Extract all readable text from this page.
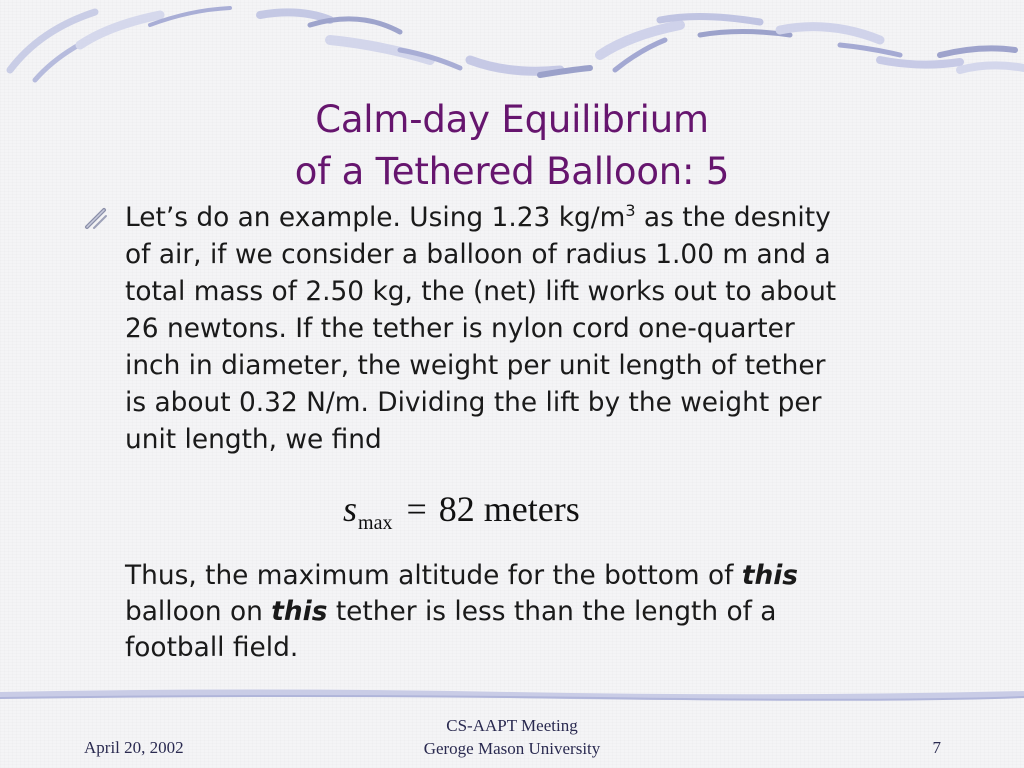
Calm-day Equilibrium
of a Tethered Balloon: 5
Let’s do an example. Using 1.23 $kg/m^3$ as the desnity
of air, if we consider a balloon of radius 1.00 m and a
total mass of 2.50 kg, the (net) lift works out to about
26 newtons. If the tether is nylon cord one-quarter
inch in diameter, the weight per unit length of tether
is about 0.32 N/m. Dividing the lift by the weight per
unit length, we find
$s_{max} = 82$ meters
Thus, the maximum altitude for the bottom of this
balloon on this tether is less than the length of a
football field.
April 20, 2002
CS-AAPT Meeting
Geroge Mason University	7
